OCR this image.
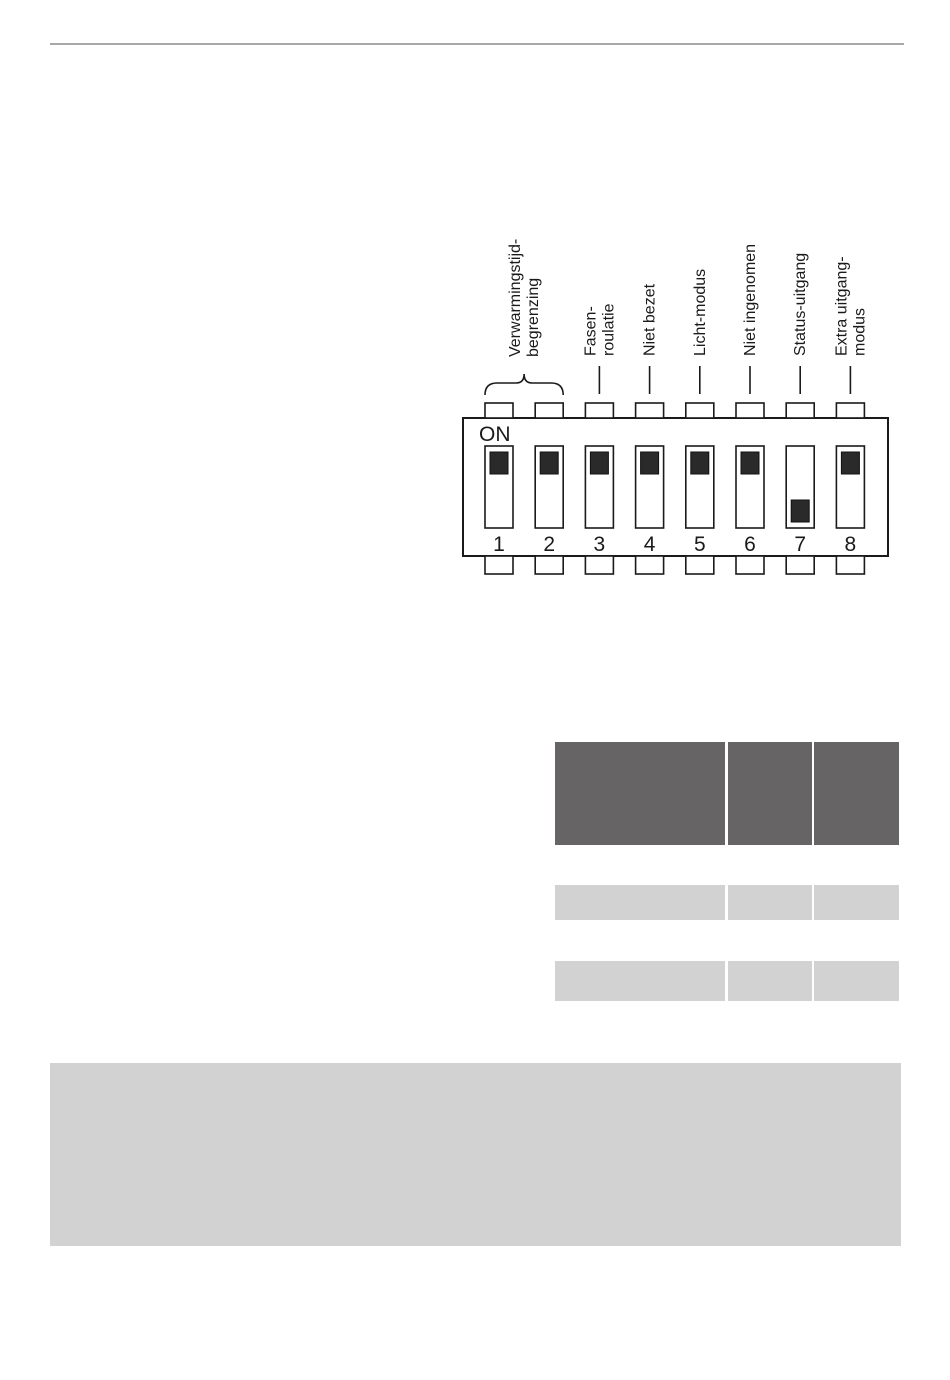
Verwarmingstijd- begrenzing	Fasen- roulatie Niet bezet Licht-modus Niet ingenomen Status-uitgang Extra uitgang- modus
ON
1 2 3 4 5 6 7 8
